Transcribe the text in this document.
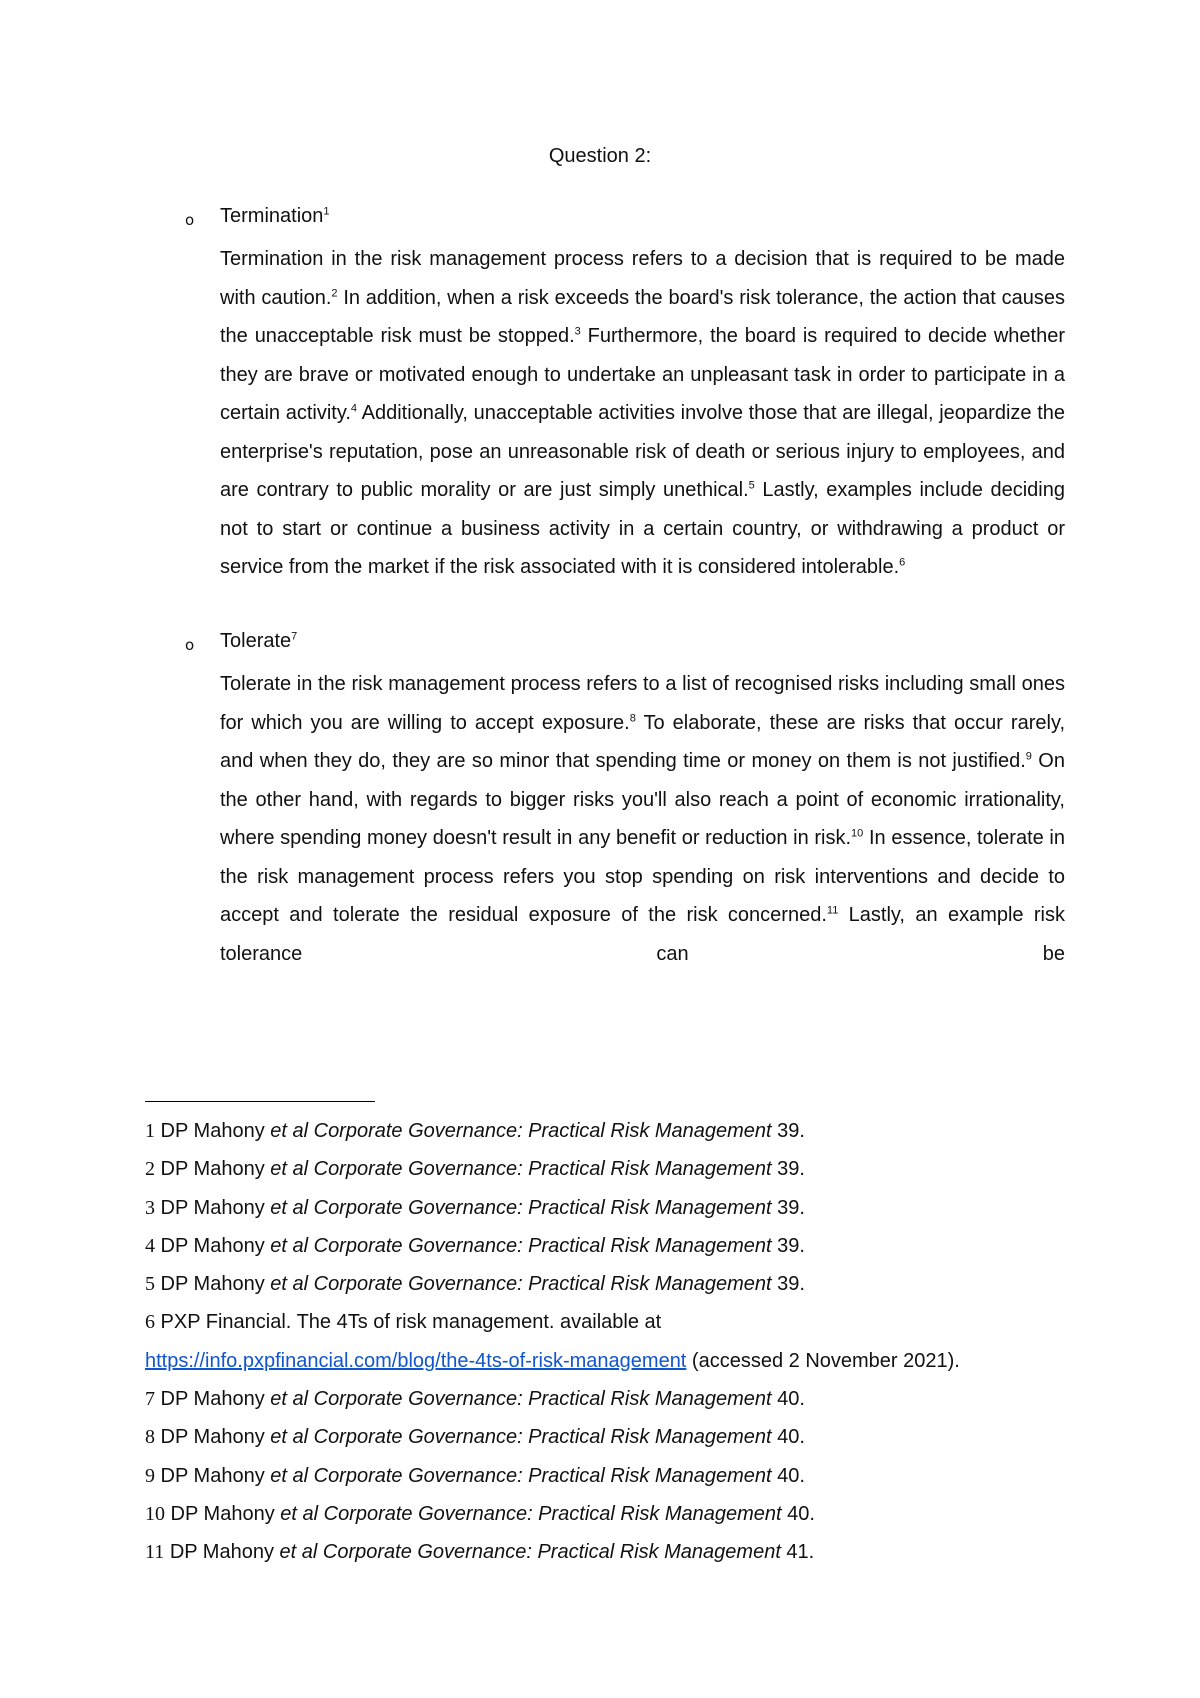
Question 2:
o Termination$^1$
Termination in the risk management process refers to a decision that is required to be made with caution.$^2$ In addition, when a risk exceeds the board's risk tolerance, the action that causes the unacceptable risk must be stopped.$^3$ Furthermore, the board is required to decide whether they are brave or motivated enough to undertake an unpleasant task in order to participate in a certain activity.$^4$ Additionally, unacceptable activities involve those that are illegal, jeopardize the enterprise's reputation, pose an unreasonable risk of death or serious injury to employees, and are contrary to public morality or are just simply unethical.$^5$ Lastly, examples include deciding not to start or continue a business activity in a certain country, or withdrawing a product or service from the market if the risk associated with it is considered intolerable.$^6$
o Tolerate$^7$
Tolerate in the risk management process refers to a list of recognised risks including small ones for which you are willing to accept exposure.$^8$ To elaborate, these are risks that occur rarely, and when they do, they are so minor that spending time or money on them is not justified.$^9$ On the other hand, with regards to bigger risks you'll also reach a point of economic irrationality, where spending money doesn't result in any benefit or reduction in risk.$^{10}$ In essence, tolerate in the risk management process refers you stop spending on risk interventions and decide to accept and tolerate the residual exposure of the risk concerned.$^{11}$ Lastly, an example risk tolerance can be
1 DP Mahony et al Corporate Governance: Practical Risk Management 39.
2 DP Mahony et al Corporate Governance: Practical Risk Management 39.
3 DP Mahony et al Corporate Governance: Practical Risk Management 39.
4 DP Mahony et al Corporate Governance: Practical Risk Management 39.
5 DP Mahony et al Corporate Governance: Practical Risk Management 39.
6 PXP Financial. The 4Ts of risk management. available at
https://info.pxpfinancial.com/blog/the-4ts-of-risk-management (accessed 2 November 2021).
7 DP Mahony et al Corporate Governance: Practical Risk Management 40.
8 DP Mahony et al Corporate Governance: Practical Risk Management 40.
9 DP Mahony et al Corporate Governance: Practical Risk Management 40.
10 DP Mahony et al Corporate Governance: Practical Risk Management 40.
11 DP Mahony et al Corporate Governance: Practical Risk Management 41.
